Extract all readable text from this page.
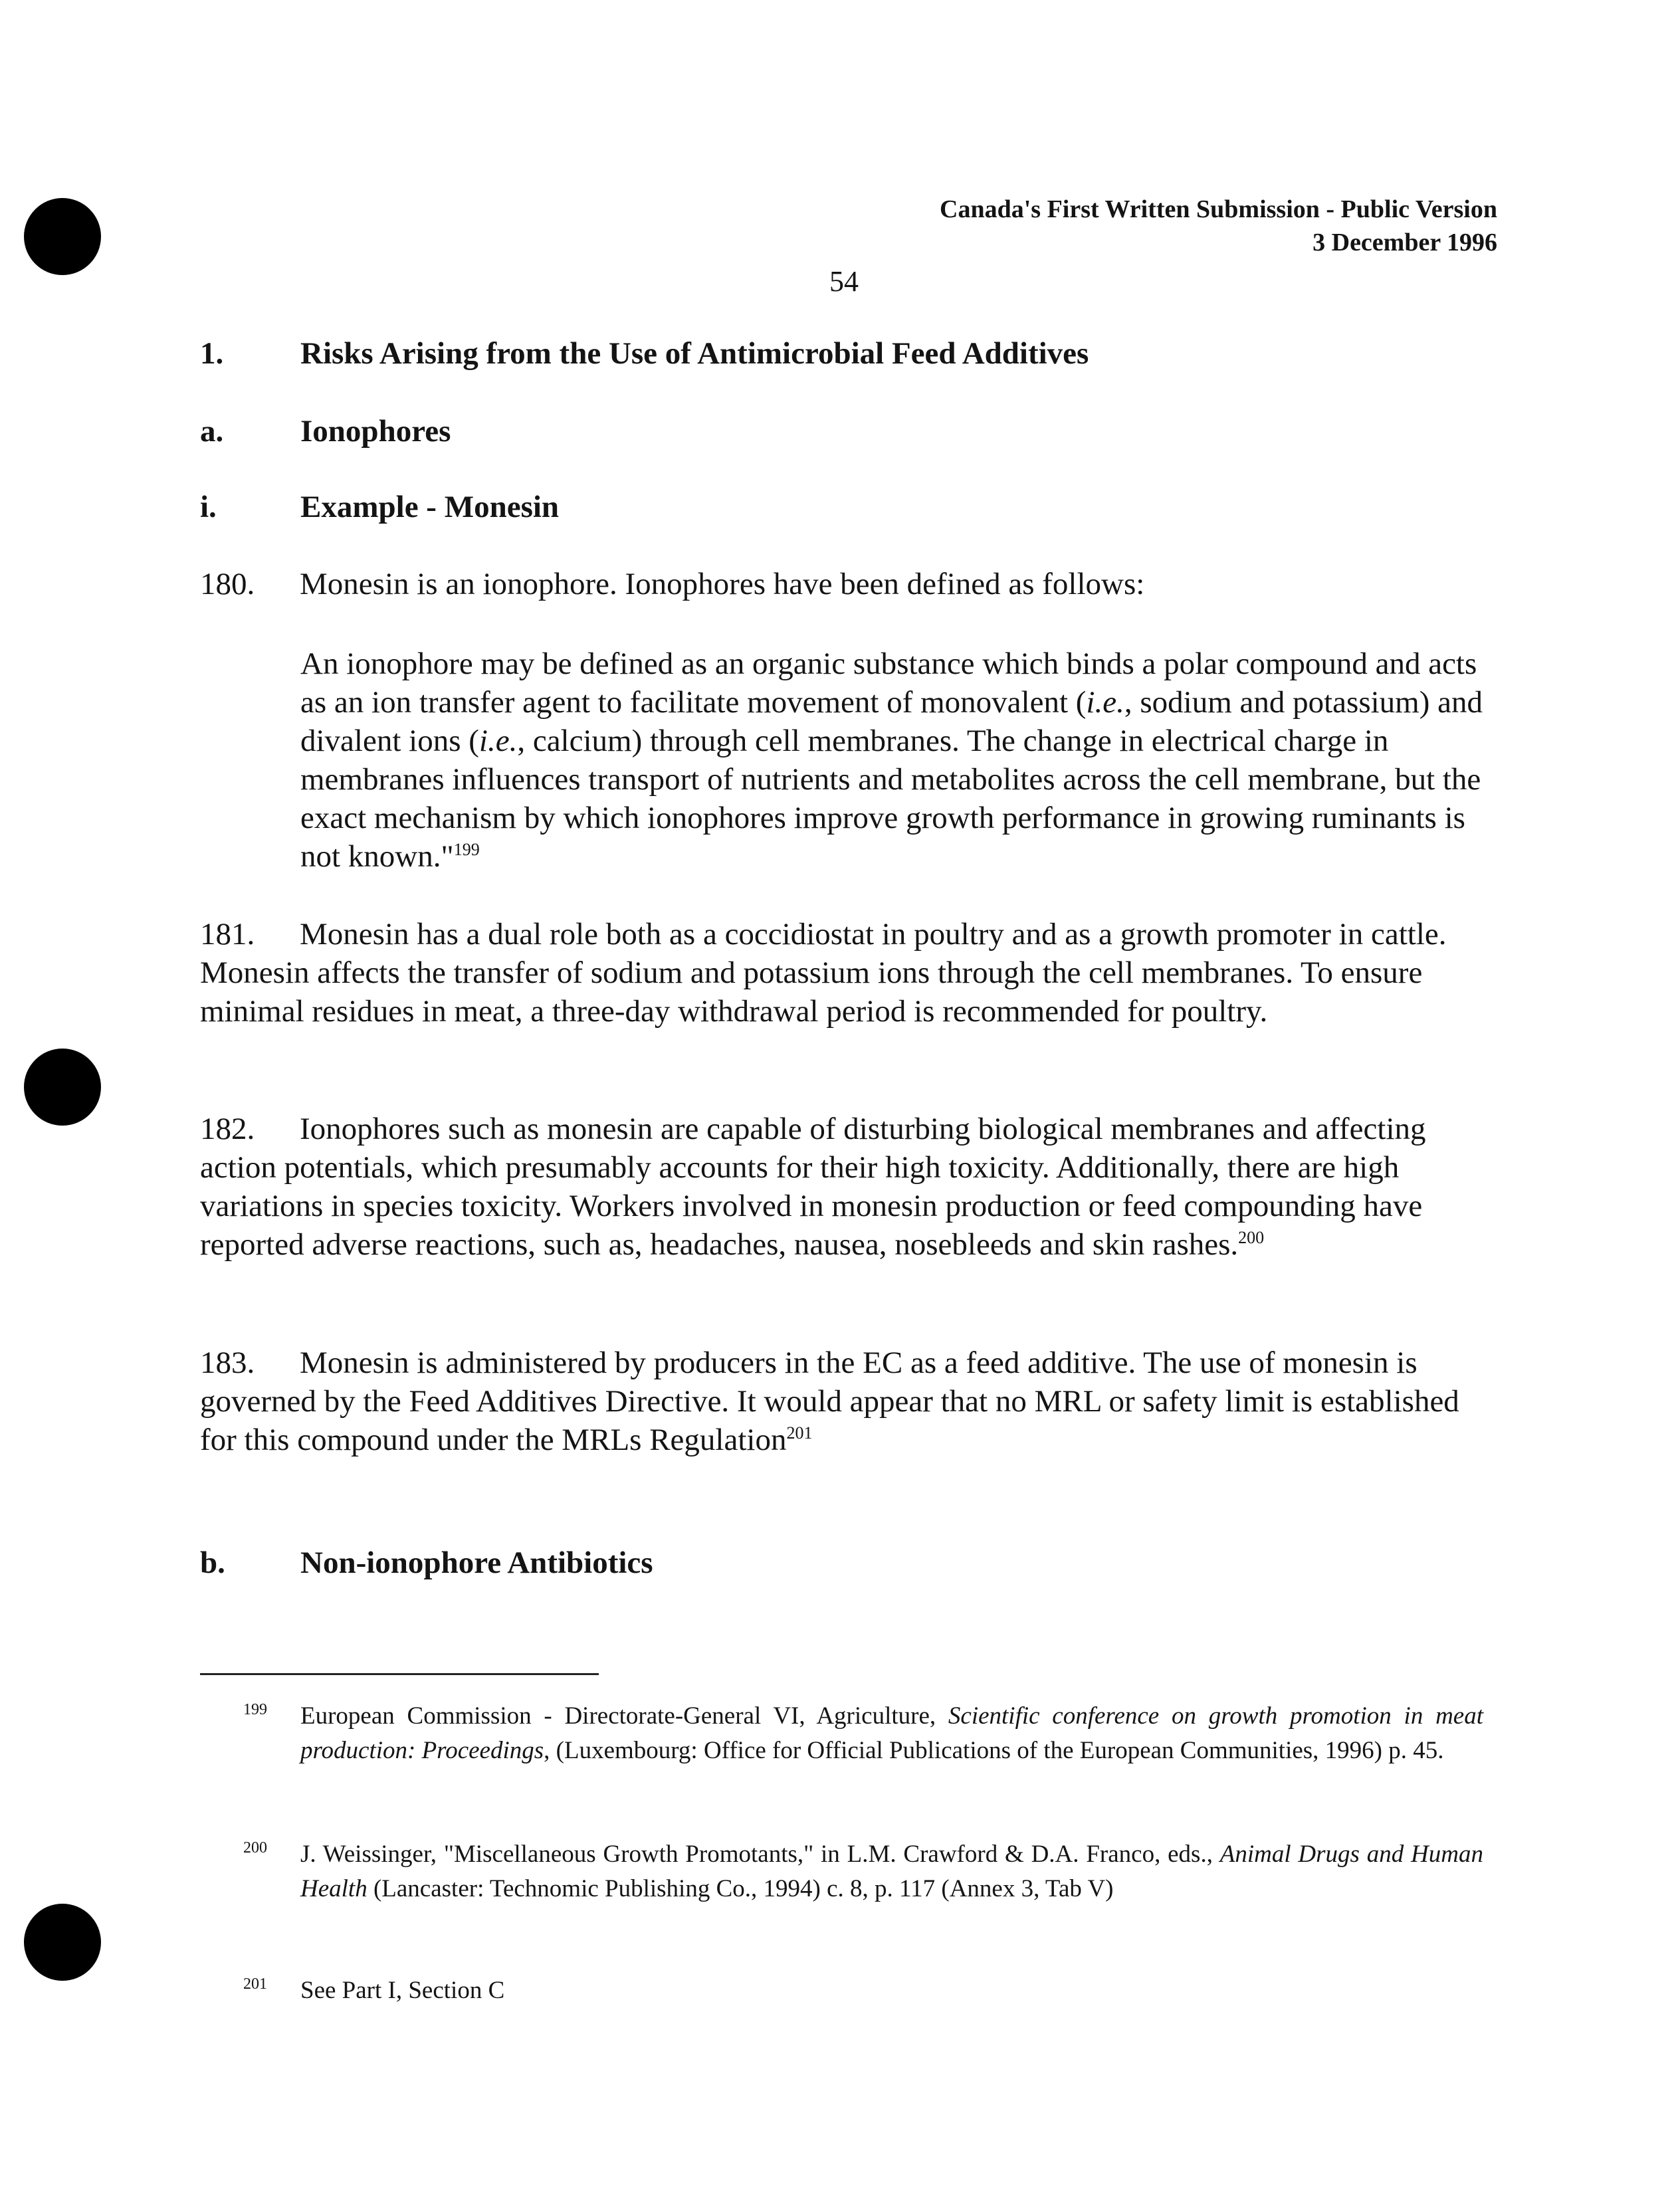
Canada's First Written Submission - Public Version
3 December 1996
54
1. Risks Arising from the Use of Antimicrobial Feed Additives
a. Ionophores
i.	Example - Monesin
180. Monesin is an ionophore. Ionophores have been defined as follows:
An ionophore may be defined as an organic substance which binds a polar compound and acts as an ion transfer agent to facilitate movement of monovalent (i.e., sodium and potassium) and divalent ions (i.e., calcium) through cell membranes. The change in electrical charge in membranes influences transport of nutrients and metabolites across the cell membrane, but the exact mechanism by which ionophores improve growth performance in growing ruminants is not known."$^{199}$
181. Monesin has a dual role both as a coccidiostat in poultry and as a growth promoter in cattle. Monesin affects the transfer of sodium and potassium ions through the cell membranes. To ensure minimal residues in meat, a three-day withdrawal period is recommended for poultry.
182. Ionophores such as monesin are capable of disturbing biological membranes and affecting action potentials, which presumably accounts for their high toxicity. Additionally, there are high variations in species toxicity. Workers involved in monesin production or feed compounding have reported adverse reactions, such as, headaches, nausea, nosebleeds and skin rashes.$^{200}$
183. Monesin is administered by producers in the EC as a feed additive. The use of monesin is governed by the Feed Additives Directive. It would appear that no MRL or safety limit is established for this compound under the MRLs Regulation$^{201}$
b. Non-ionophore Antibiotics
199 European Commission - Directorate-General VI, Agriculture, Scientific conference on growth promotion in meat production: Proceedings, (Luxembourg: Office for Official Publications of the European Communities, 1996) p. 45.
200 J. Weissinger, "Miscellaneous Growth Promotants," in L.M. Crawford & D.A. Franco, eds., Animal Drugs and Human Health (Lancaster: Technomic Publishing Co., 1994) c. 8, p. 117 (Annex 3, Tab V)
201 See Part I, Section C
